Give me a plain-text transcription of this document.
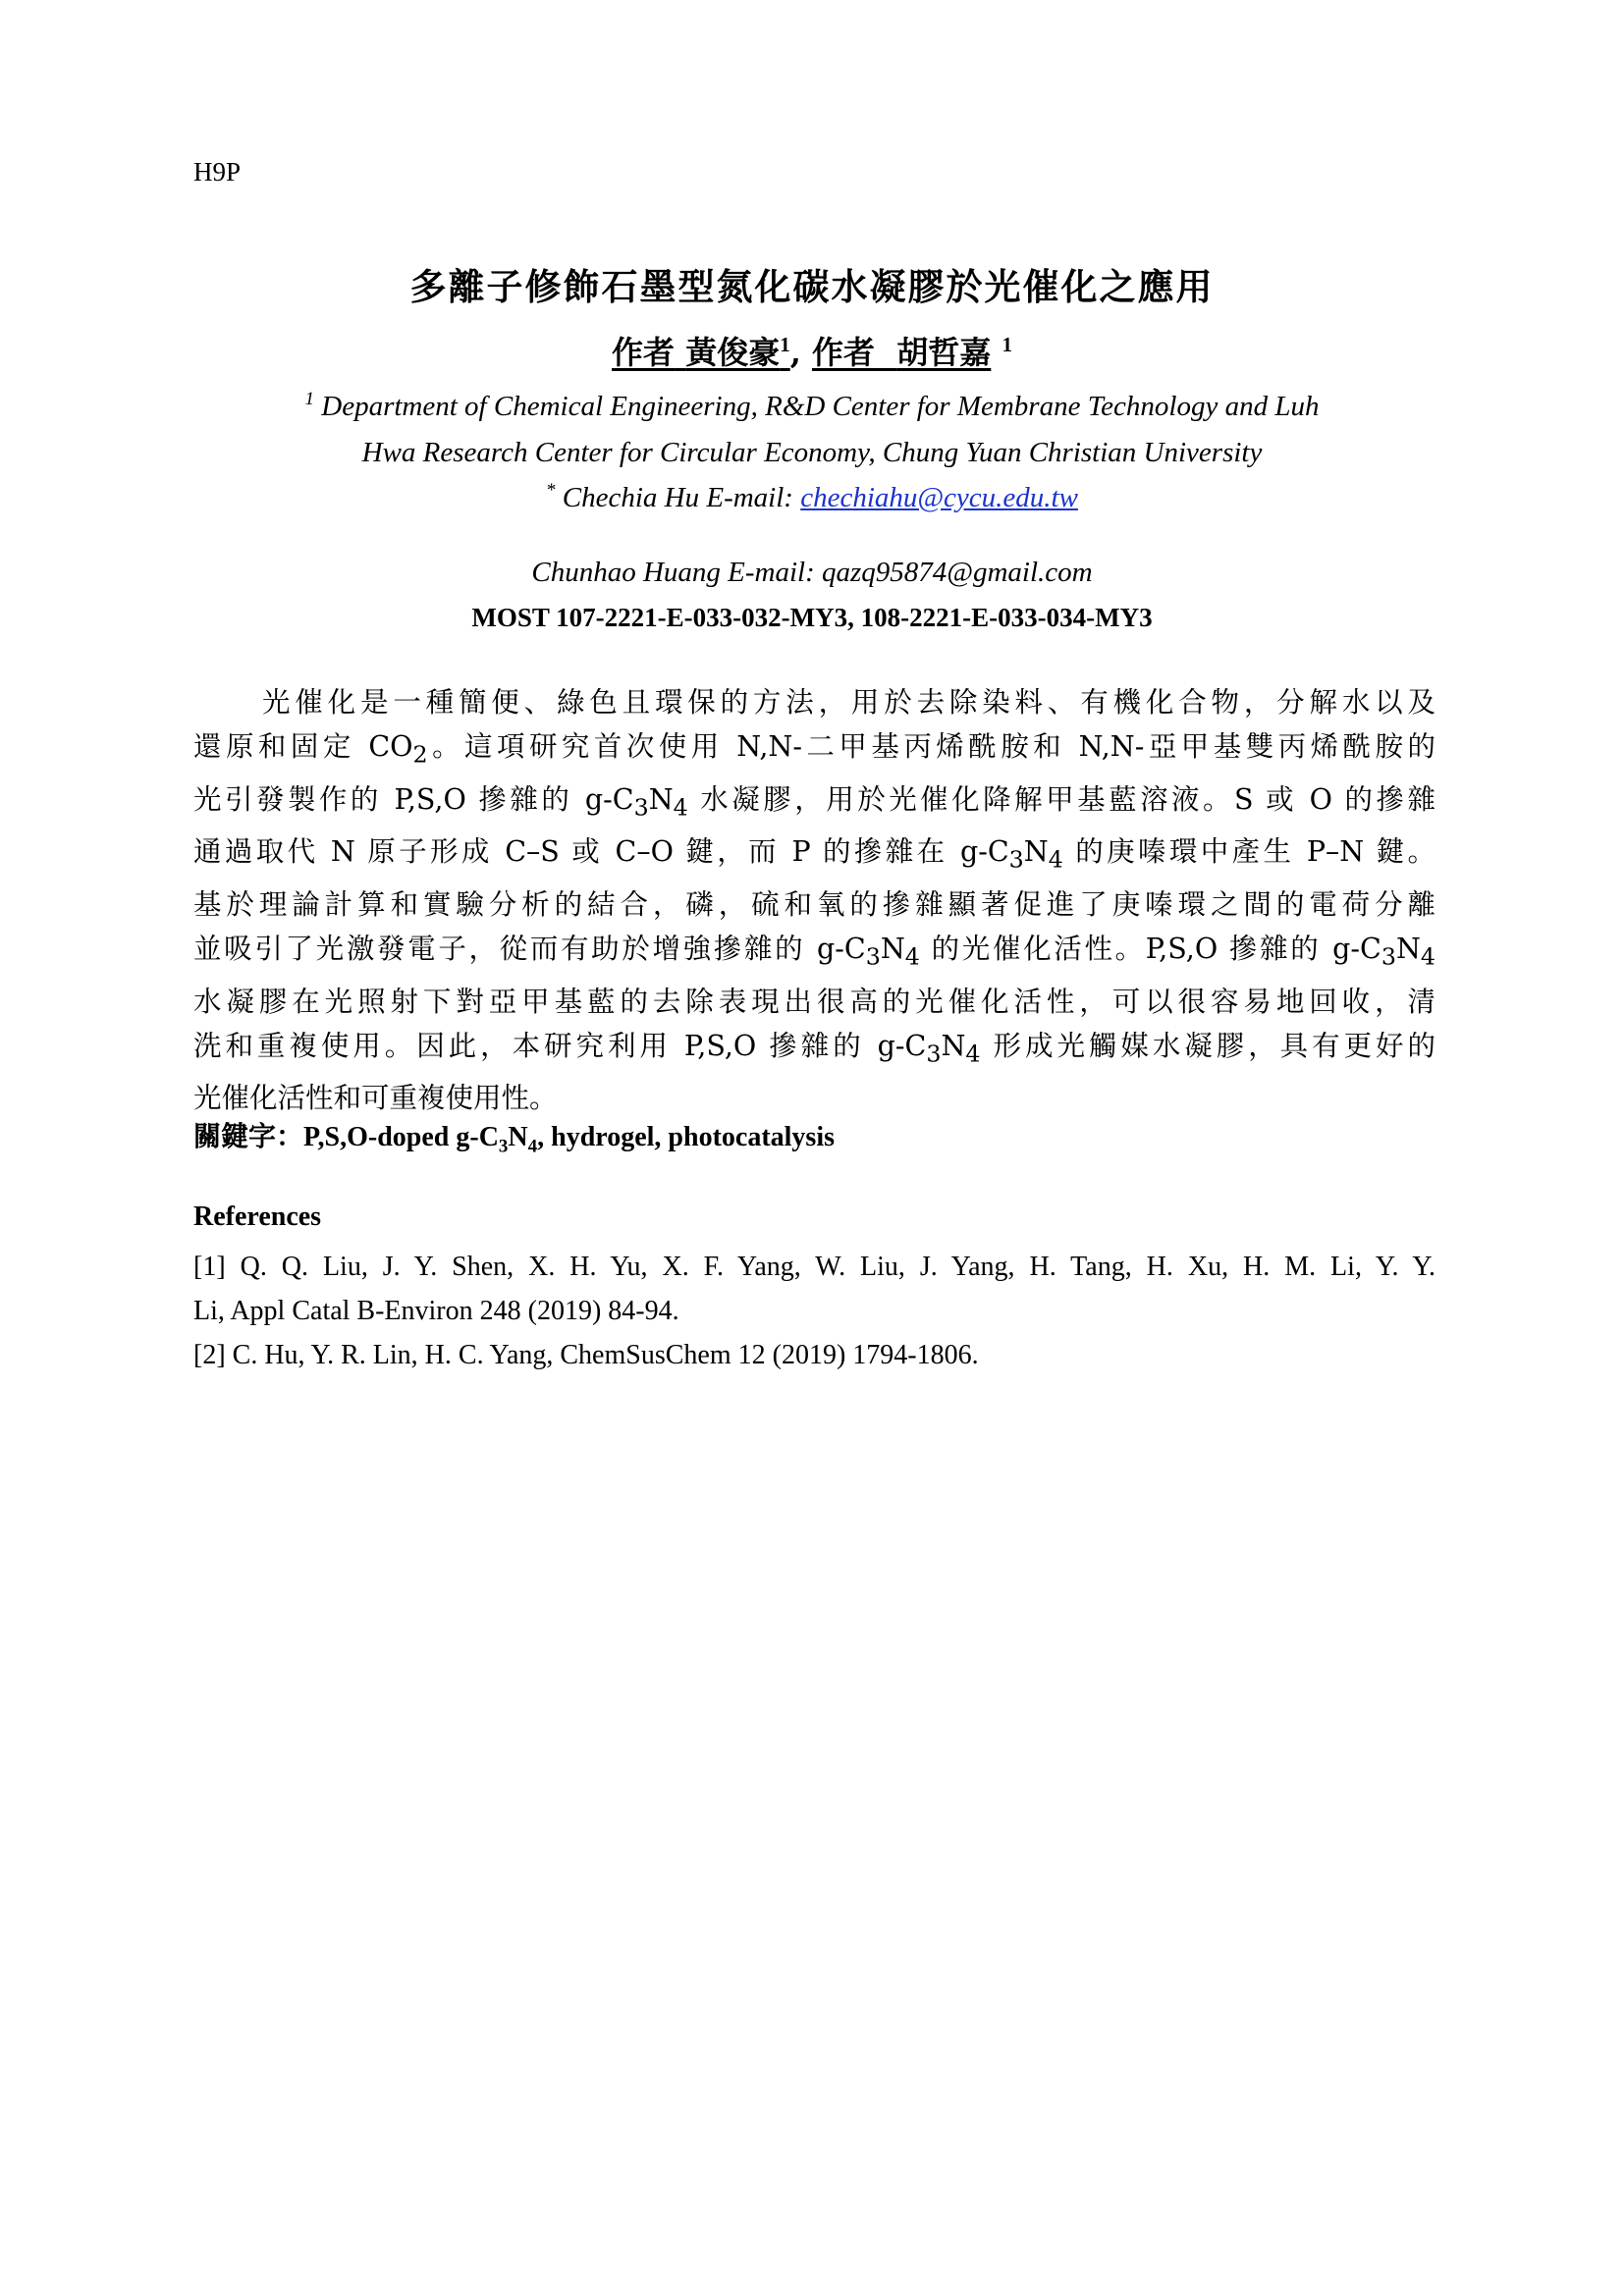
H9P
多離子修飾石墨型氮化碳水凝膠於光催化之應用
作者 黃俊豪$^1$, 作者 胡哲嘉 $^1$
$^1$ Department of Chemical Engineering, R&D Center for Membrane Technology and Luh
Hwa Research Center for Circular Economy, Chung Yuan Christian University
* Chechia Hu E-mail: chechiahu@cycu.edu.tw
Chunhao Huang E-mail: qazq95874@gmail.com
MOST 107-2221-E-033-032-MY3, 108-2221-E-033-034-MY3
光催化是一種簡便、綠色且環保的方法，用於去除染料、有機化合物，分解水以及
還原和固定 $CO_2$。這項研究首次使用 N,N-二甲基丙烯酰胺和 N,N-亞甲基雙丙烯酰胺的
光引發製作的 P,S,O 摻雜的 $g-C_3N_4$ 水凝膠，用於光催化降解甲基藍溶液。S 或 O 的摻雜
通過取代 N 原子形成 C–S 或 C–O 鍵，而 P 的摻雜在 $g-C_3N_4$ 的庚嗪環中產生 P–N 鍵。
基於理論計算和實驗分析的結合，磷，硫和氧的摻雜顯著促進了庚嗪環之間的電荷分離
並吸引了光激發電子，從而有助於增強摻雜的 $g-C_3N_4$ 的光催化活性。P,S,O 摻雜的 $g-C_3N_4$
水凝膠在光照射下對亞甲基藍的去除表現出很高的光催化活性，可以很容易地回收，清
洗和重複使用。因此，本研究利用 P,S,O 摻雜的 $g-C_3N_4$ 形成光觸媒水凝膠，具有更好的
光催化活性和可重複使用性。
關鍵字：P,S,O-doped $g-C_3N_4$, hydrogel, photocatalysis
References
[1] Q. Q. Liu, J. Y. Shen, X. H. Yu, X. F. Yang, W. Liu, J. Yang, H. Tang, H. Xu, H. M. Li, Y. Y.
Li, Appl Catal B-Environ 248 (2019) 84-94.
[2] C. Hu, Y. R. Lin, H. C. Yang, ChemSusChem 12 (2019) 1794-1806.
